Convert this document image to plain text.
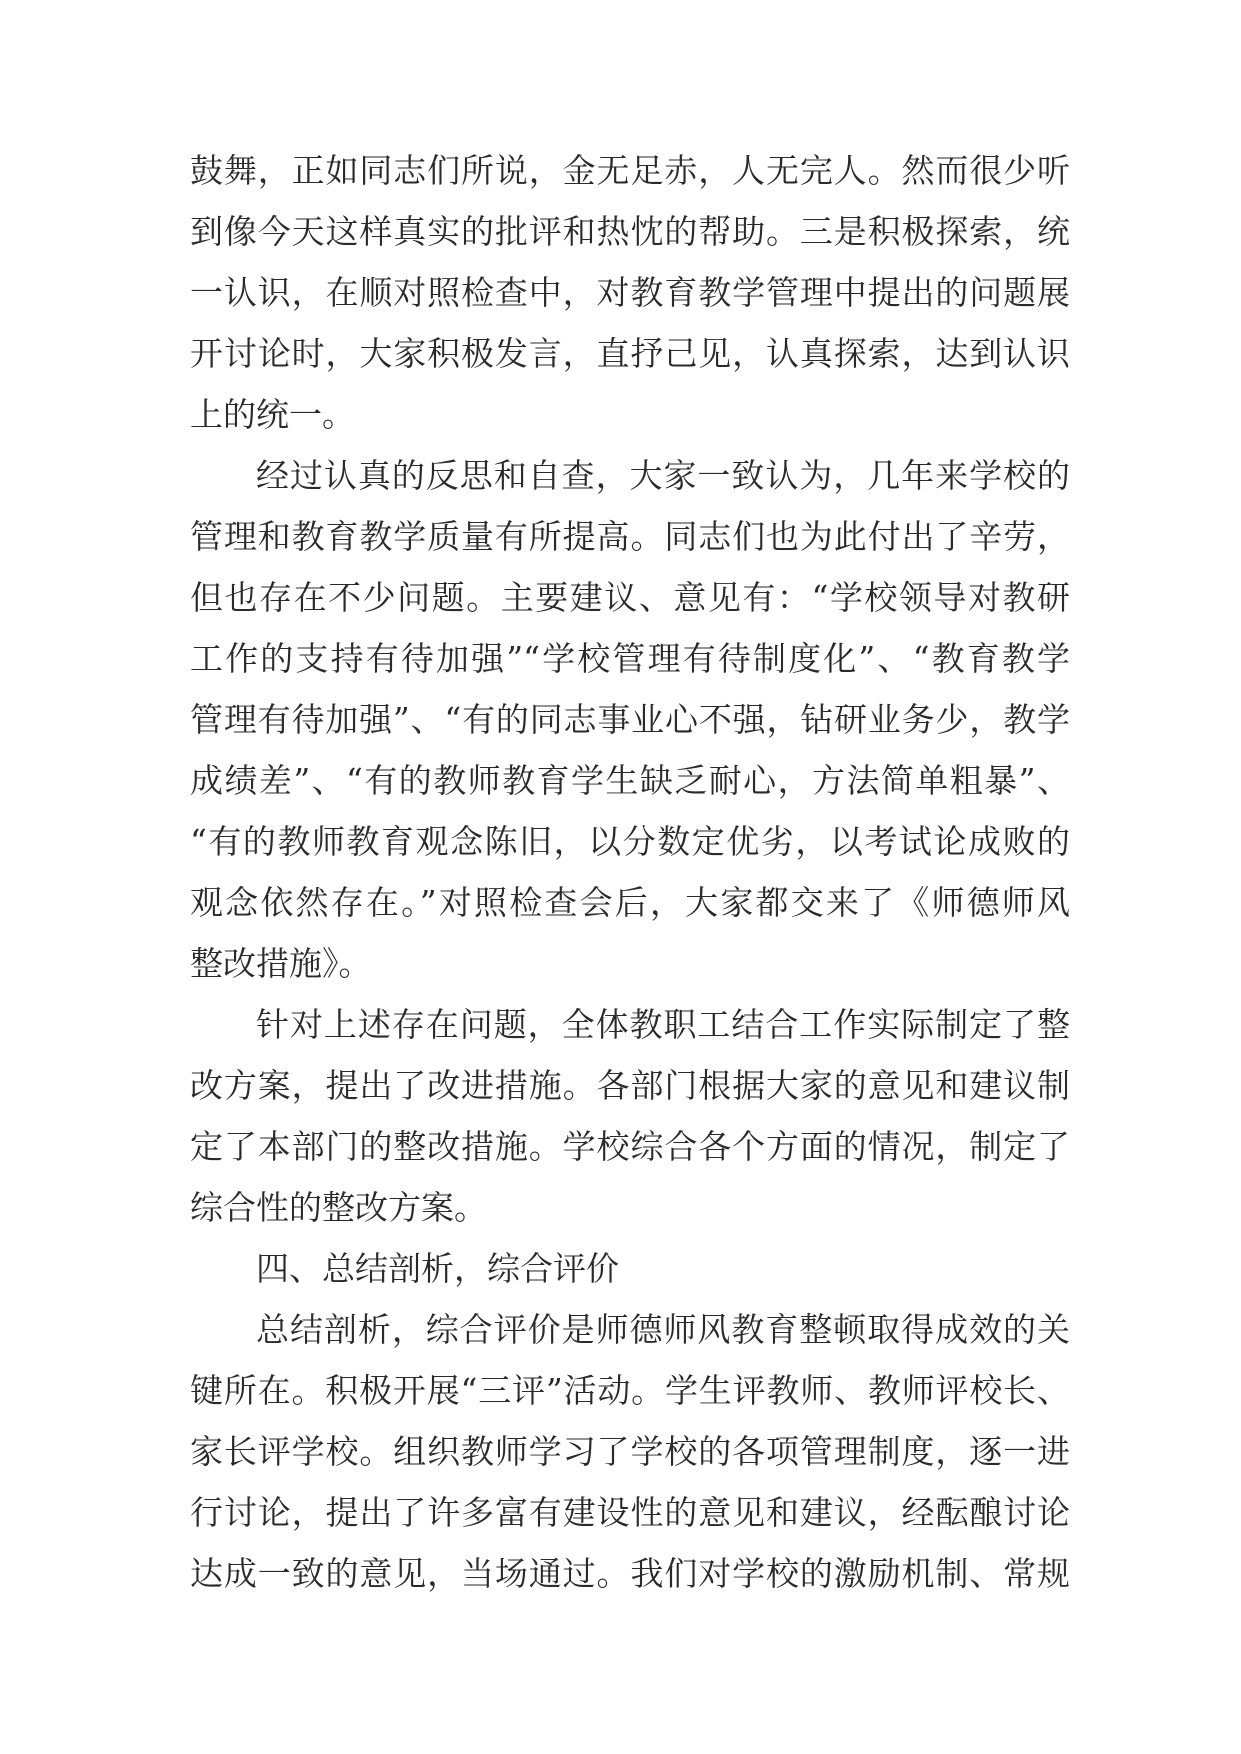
鼓舞，正如同志们所说，金无足赤，人无完人。然而很少听
到像今天这样真实的批评和热忱的帮助。三是积极探索，统
一认识，在顺对照检查中，对教育教学管理中提出的问题展
开讨论时，大家积极发言，直抒己见，认真探索，达到认识
上的统一。
经过认真的反思和自查，大家一致认为，几年来学校的
管理和教育教学质量有所提高。同志们也为此付出了辛劳，
但也存在不少问题。主要建议、意见有：“学校领导对教研
工作的支持有待加强”“学校管理有待制度化”、“教育教学
管理有待加强”、“有的同志事业心不强，钻研业务少，教学
成绩差”、“有的教师教育学生缺乏耐心，方法简单粗暴”、
“有的教师教育观念陈旧，以分数定优劣，以考试论成败的
观念依然存在。”对照检查会后，大家都交来了《师德师风
整改措施》。
针对上述存在问题，全体教职工结合工作实际制定了整
改方案，提出了改进措施。各部门根据大家的意见和建议制
定了本部门的整改措施。学校综合各个方面的情况，制定了
综合性的整改方案。
四、总结剖析，综合评价
总结剖析，综合评价是师德师风教育整顿取得成效的关
键所在。积极开展“三评”活动。学生评教师、教师评校长、
家长评学校。组织教师学习了学校的各项管理制度，逐一进
行讨论，提出了许多富有建设性的意见和建议，经酝酿讨论
达成一致的意见，当场通过。我们对学校的激励机制、常规
